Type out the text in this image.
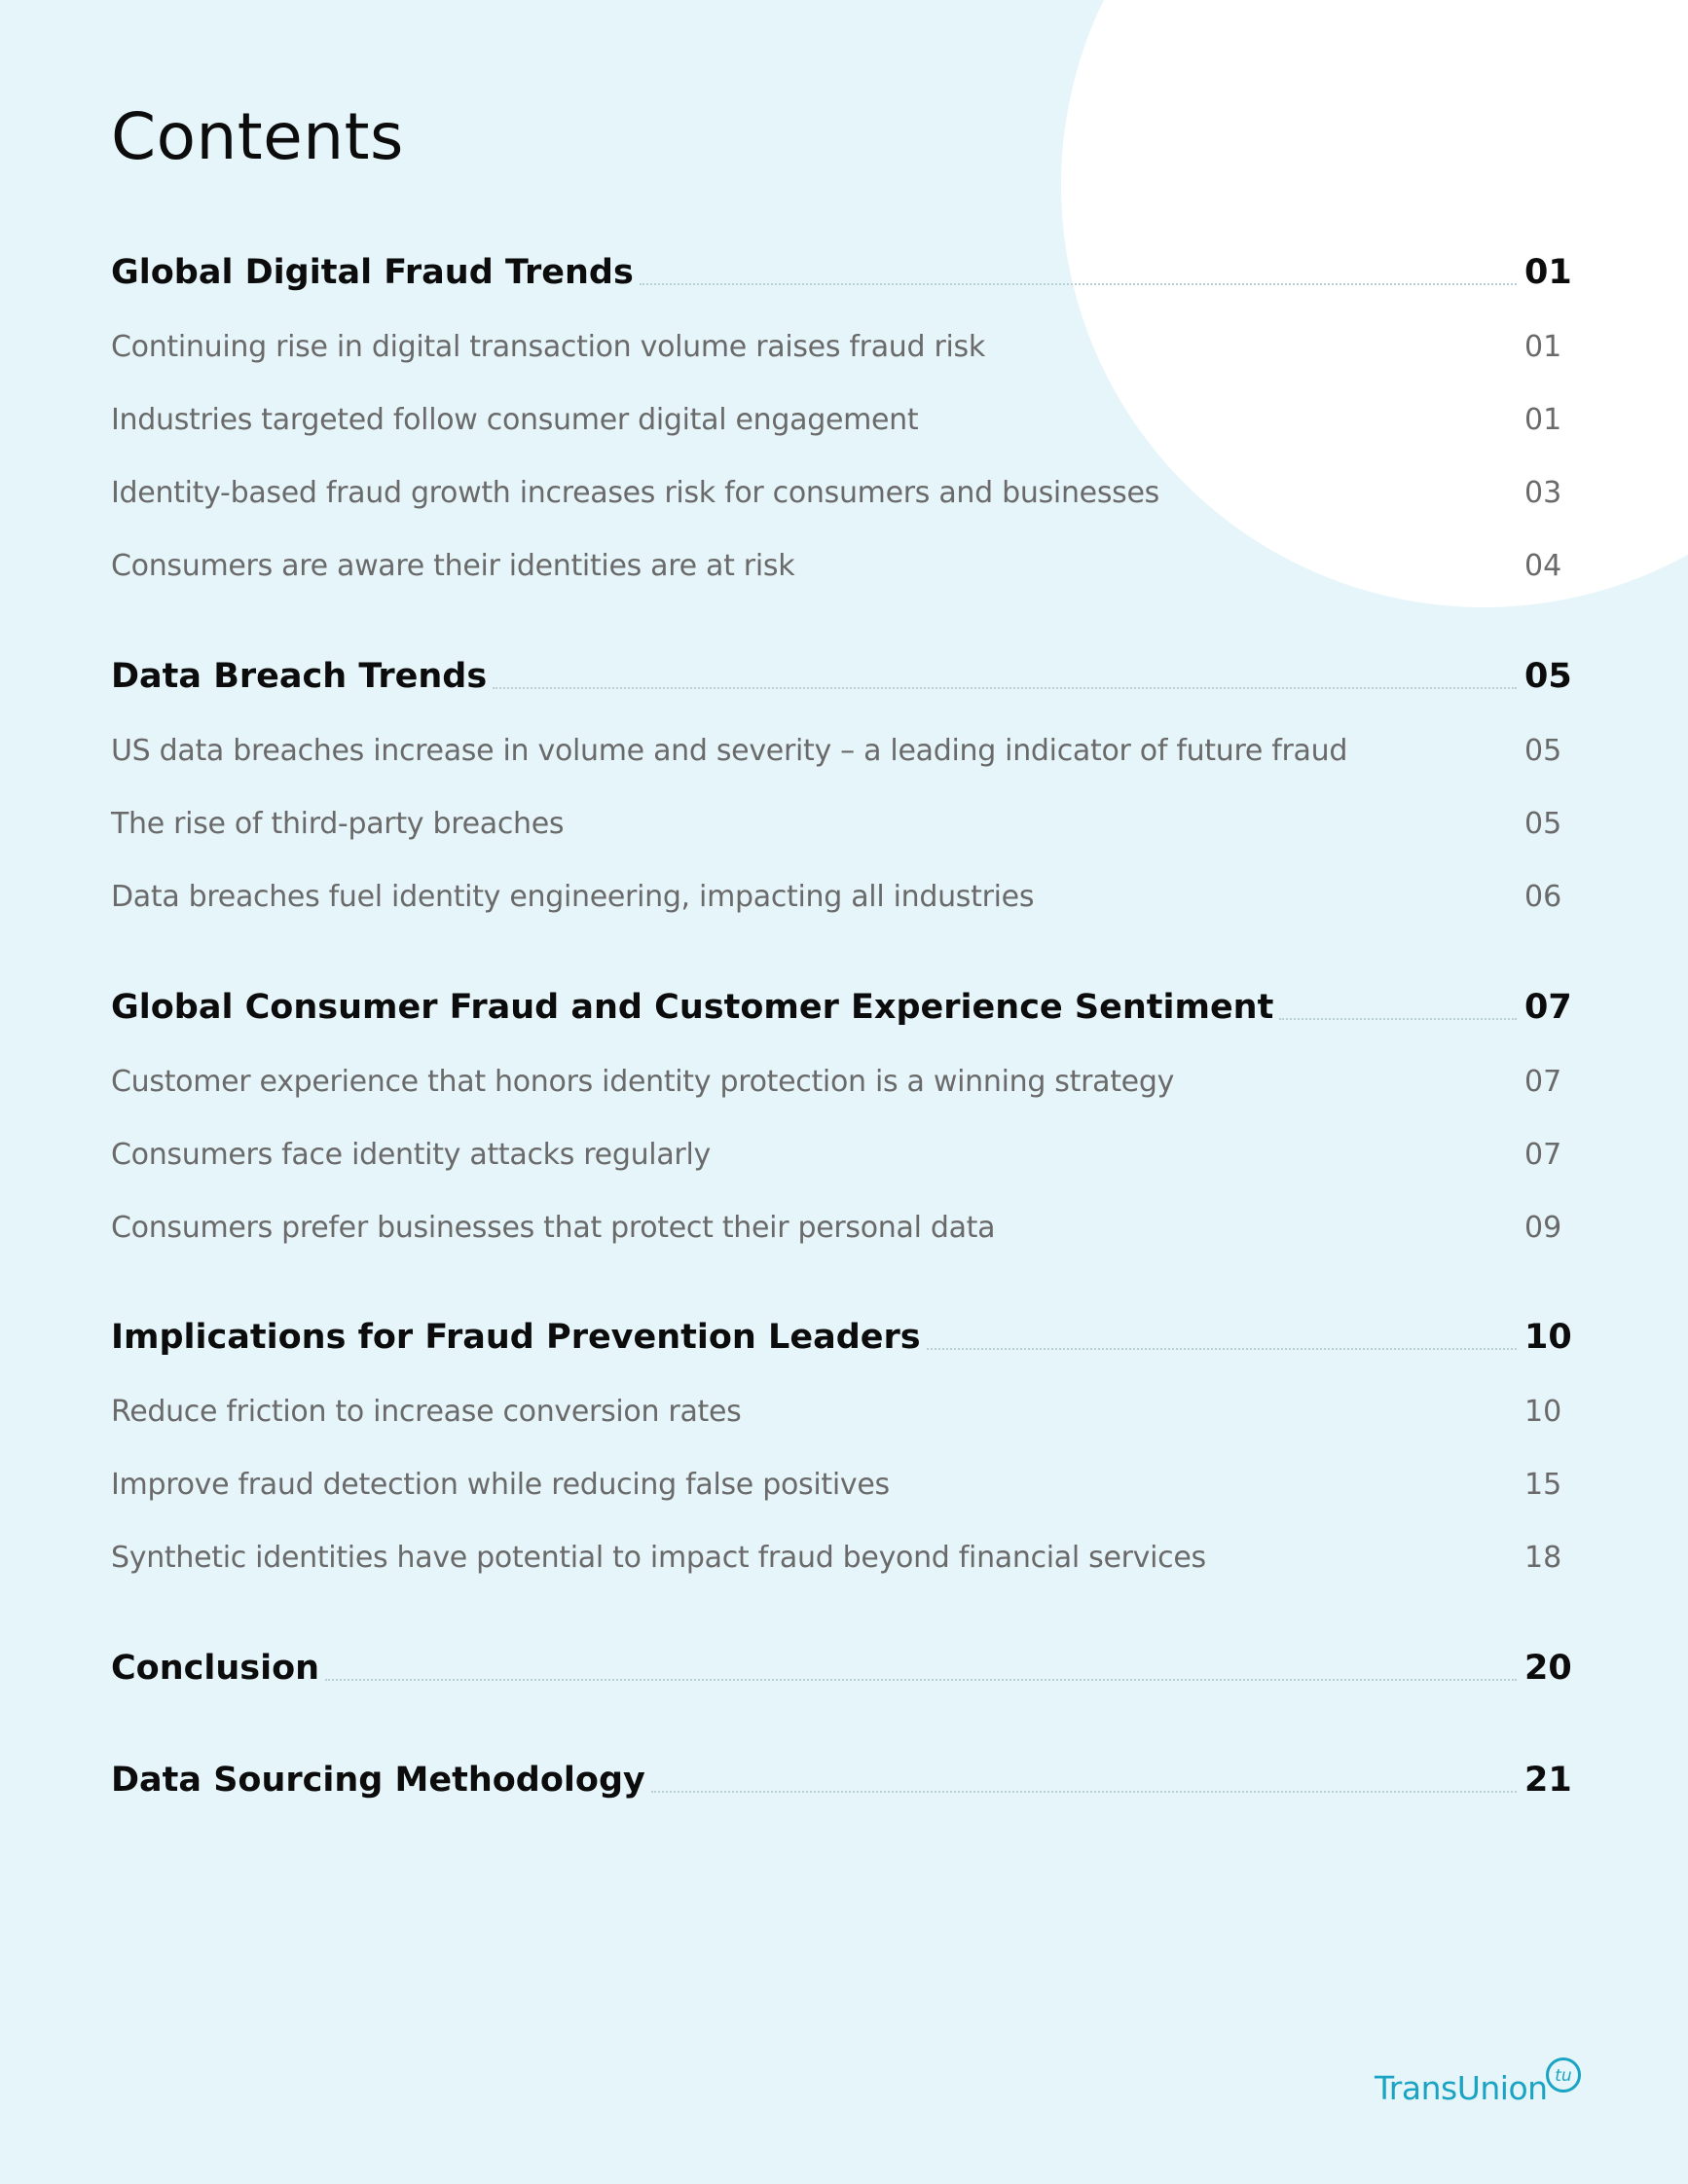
Contents
Global Digital Fraud Trends	01
Continuing rise in digital transaction volume raises fraud risk	01
Industries targeted follow consumer digital engagement	01
Identity-based fraud growth increases risk for consumers and businesses	03
Consumers are aware their identities are at risk	04
Data Breach Trends	05
US data breaches increase in volume and severity – a leading indicator of future fraud	05
The rise of third-party breaches	05
Data breaches fuel identity engineering, impacting all industries	06
Global Consumer Fraud and Customer Experience Sentiment	07
Customer experience that honors identity protection is a winning strategy	07
Consumers face identity attacks regularly	07
Consumers prefer businesses that protect their personal data	09
Implications for Fraud Prevention Leaders	10
Reduce friction to increase conversion rates	10
Improve fraud detection while reducing false positives	15
Synthetic identities have potential to impact fraud beyond financial services	18
Conclusion	20
Data Sourcing Methodology	21
TransUnion tu
